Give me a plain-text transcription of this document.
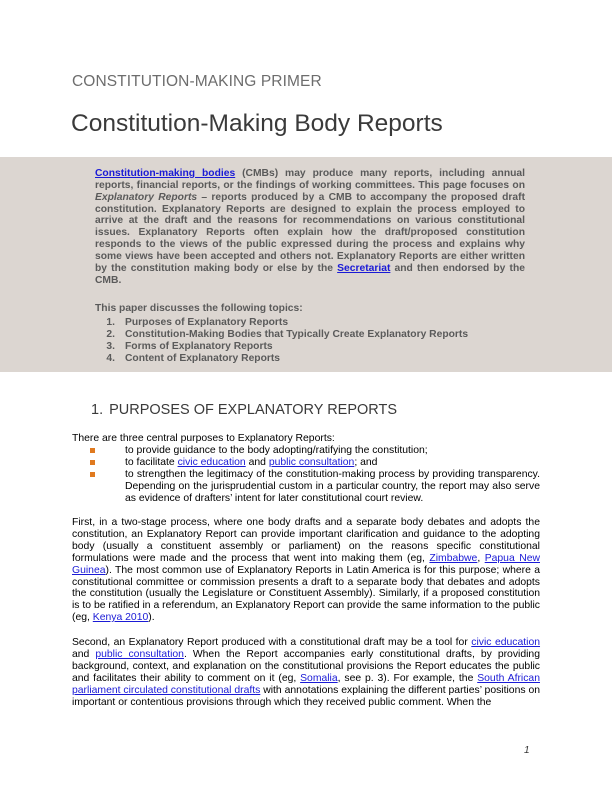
CONSTITUTION-MAKING PRIMER
Constitution-Making Body Reports

Constitution-making bodies (CMBs) may produce many reports, including annual reports, financial reports, or the findings of working committees. This page focuses on Explanatory Reports – reports produced by a CMB to accompany the proposed draft constitution. Explanatory Reports are designed to explain the process employed to arrive at the draft and the reasons for recommendations on various constitutional issues. Explanatory Reports often explain how the draft/proposed constitution responds to the views of the public expressed during the process and explains why some views have been accepted and others not. Explanatory Reports are either written by the constitution making body or else by the Secretariat and then endorsed by the CMB.

This paper discusses the following topics:
1. Purposes of Explanatory Reports
2. Constitution-Making Bodies that Typically Create Explanatory Reports
3. Forms of Explanatory Reports
4. Content of Explanatory Reports
1. PURPOSES OF EXPLANATORY REPORTS
There are three central purposes to Explanatory Reports:
to provide guidance to the body adopting/ratifying the constitution;
to facilitate civic education and public consultation; and
to strengthen the legitimacy of the constitution-making process by providing transparency. Depending on the jurisprudential custom in a particular country, the report may also serve as evidence of drafters’ intent for later constitutional court review.

First, in a two-stage process, where one body drafts and a separate body debates and adopts the constitution, an Explanatory Report can provide important clarification and guidance to the adopting body (usually a constituent assembly or parliament) on the reasons specific constitutional formulations were made and the process that went into making them (eg, Zimbabwe, Papua New Guinea). The most common use of Explanatory Reports in Latin America is for this purpose; where a constitutional committee or commission presents a draft to a separate body that debates and adopts the constitution (usually the Legislature or Constituent Assembly). Similarly, if a proposed constitution is to be ratified in a referendum, an Explanatory Report can provide the same information to the public (eg, Kenya 2010).

Second, an Explanatory Report produced with a constitutional draft may be a tool for civic education and public consultation. When the Report accompanies early constitutional drafts, by providing background, context, and explanation on the constitutional provisions the Report educates the public and facilitates their ability to comment on it (eg, Somalia, see p. 3). For example, the South African parliament circulated constitutional drafts with annotations explaining the different parties’ positions on important or contentious provisions through which they received public comment. When the

1
